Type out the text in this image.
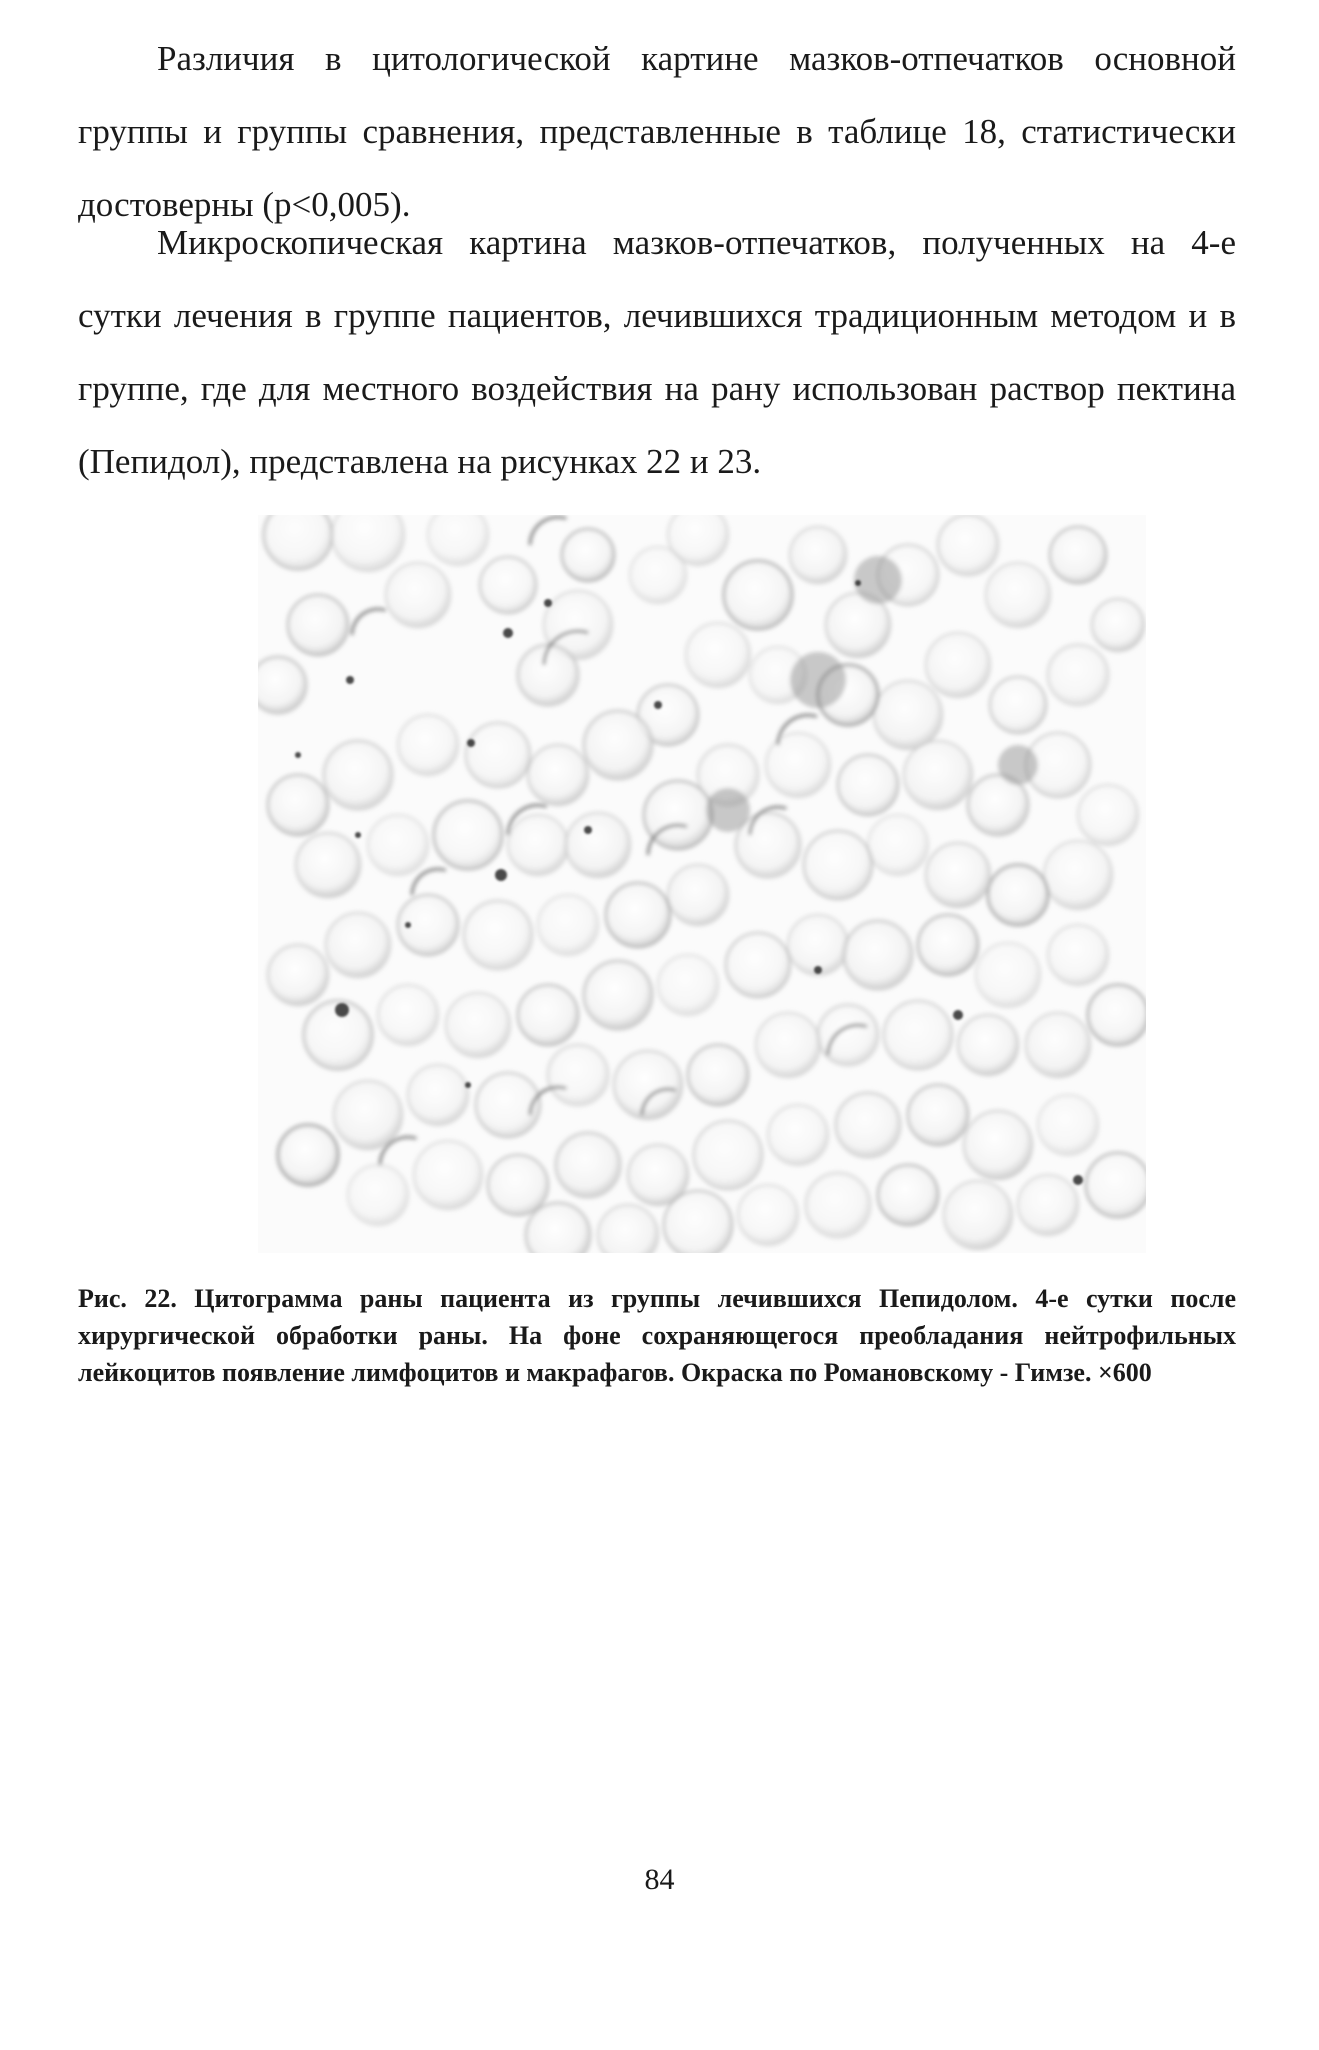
Различия в цитологической картине мазков-отпечатков основной группы и группы сравнения, представленные в таблице 18, статистически достоверны (p<0,005).

Микроскопическая картина мазков-отпечатков, полученных на 4-е сутки лечения в группе пациентов, лечившихся традиционным методом и в группе, где для местного воздействия на рану использован раствор пектина (Пепидол), представлена на рисунках 22 и 23.

Рис. 22. Цитограмма раны пациента из группы лечившихся Пепидолом. 4-е сутки после хирургической обработки раны. На фоне сохраняющегося преобладания нейтрофильных лейкоцитов появление лимфоцитов и макрафагов. Окраска по Романовскому - Гимзе. ×600

84
